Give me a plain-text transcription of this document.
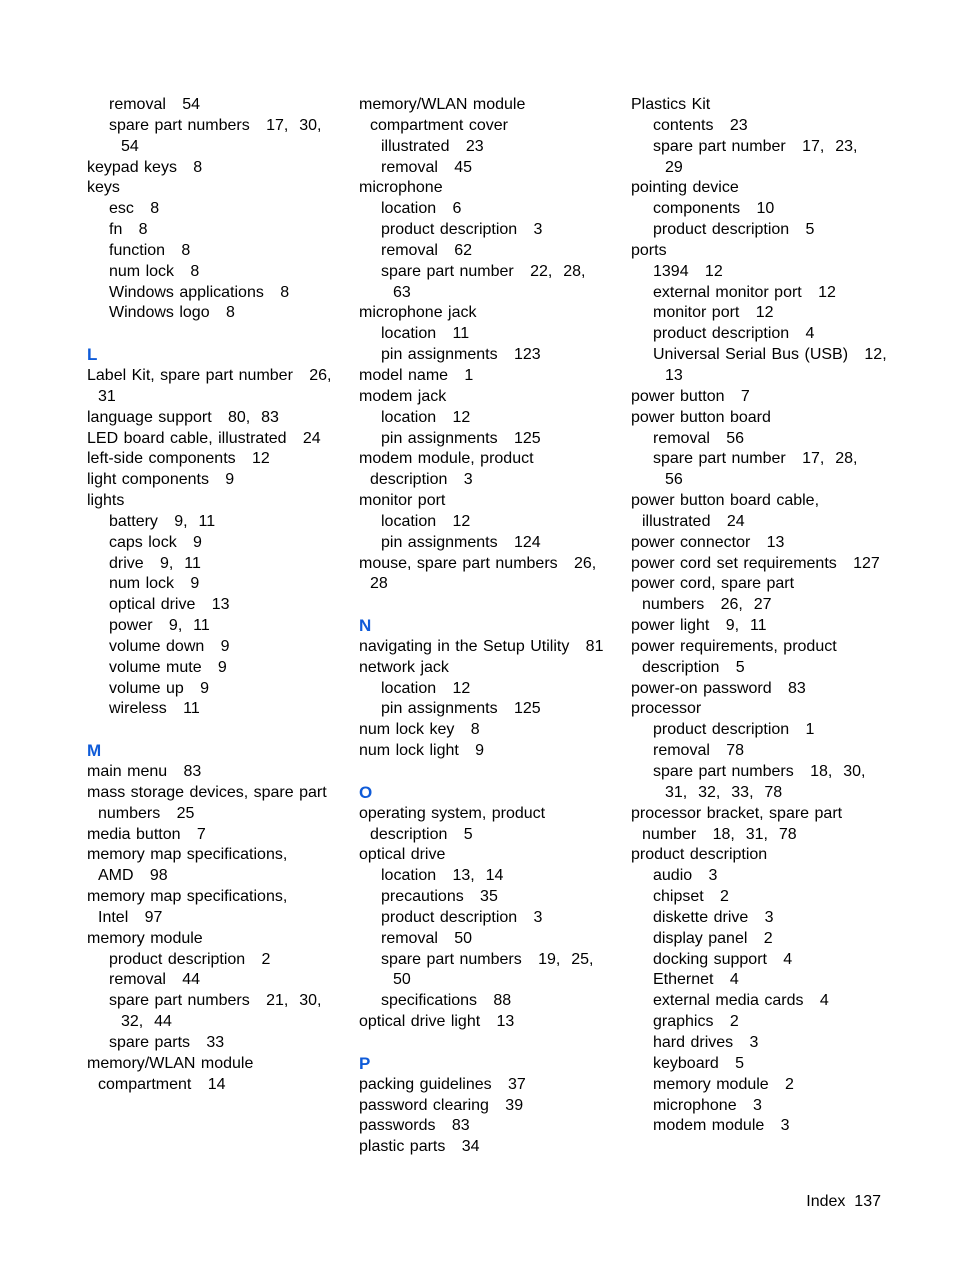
removal   54
spare part numbers   17,  30,
54
keypad keys   8
keys
esc   8
fn   8
function   8
num lock   8
Windows applications   8
Windows logo   8
L
Label Kit, spare part number   26,
31
language support   80,  83
LED board cable, illustrated   24
left-side components   12
light components   9
lights
battery   9,  11
caps lock   9
drive   9,  11
num lock   9
optical drive   13
power   9,  11
volume down   9
volume mute   9
volume up   9
wireless   11
M
main menu   83
mass storage devices, spare part
numbers   25
media button   7
memory map specifications,
AMD   98
memory map specifications,
Intel   97
memory module
product description   2
removal   44
spare part numbers   21,  30,
32,  44
spare parts   33
memory/WLAN module
compartment   14
memory/WLAN module
compartment cover
illustrated   23
removal   45
microphone
location   6
product description   3
removal   62
spare part number   22,  28,
63
microphone jack
location   11
pin assignments   123
model name   1
modem jack
location   12
pin assignments   125
modem module, product
description   3
monitor port
location   12
pin assignments   124
mouse, spare part numbers   26,
28
N
navigating in the Setup Utility   81
network jack
location   12
pin assignments   125
num lock key   8
num lock light   9
O
operating system, product
description   5
optical drive
location   13,  14
precautions   35
product description   3
removal   50
spare part numbers   19,  25,
50
specifications   88
optical drive light   13
P
packing guidelines   37
password clearing   39
passwords   83
plastic parts   34
Plastics Kit
contents   23
spare part number   17,  23,
29
pointing device
components   10
product description   5
ports
1394   12
external monitor port   12
monitor port   12
product description   4
Universal Serial Bus (USB)   12,
13
power button   7
power button board
removal   56
spare part number   17,  28,
56
power button board cable,
illustrated   24
power connector   13
power cord set requirements   127
power cord, spare part
numbers   26,  27
power light   9,  11
power requirements, product
description   5
power-on password   83
processor
product description   1
removal   78
spare part numbers   18,  30,
31,  32,  33,  78
processor bracket, spare part
number   18,  31,  78
product description
audio   3
chipset   2
diskette drive   3
display panel   2
docking support   4
Ethernet   4
external media cards   4
graphics   2
hard drives   3
keyboard   5
memory module   2
microphone   3
modem module   3
Index 137
